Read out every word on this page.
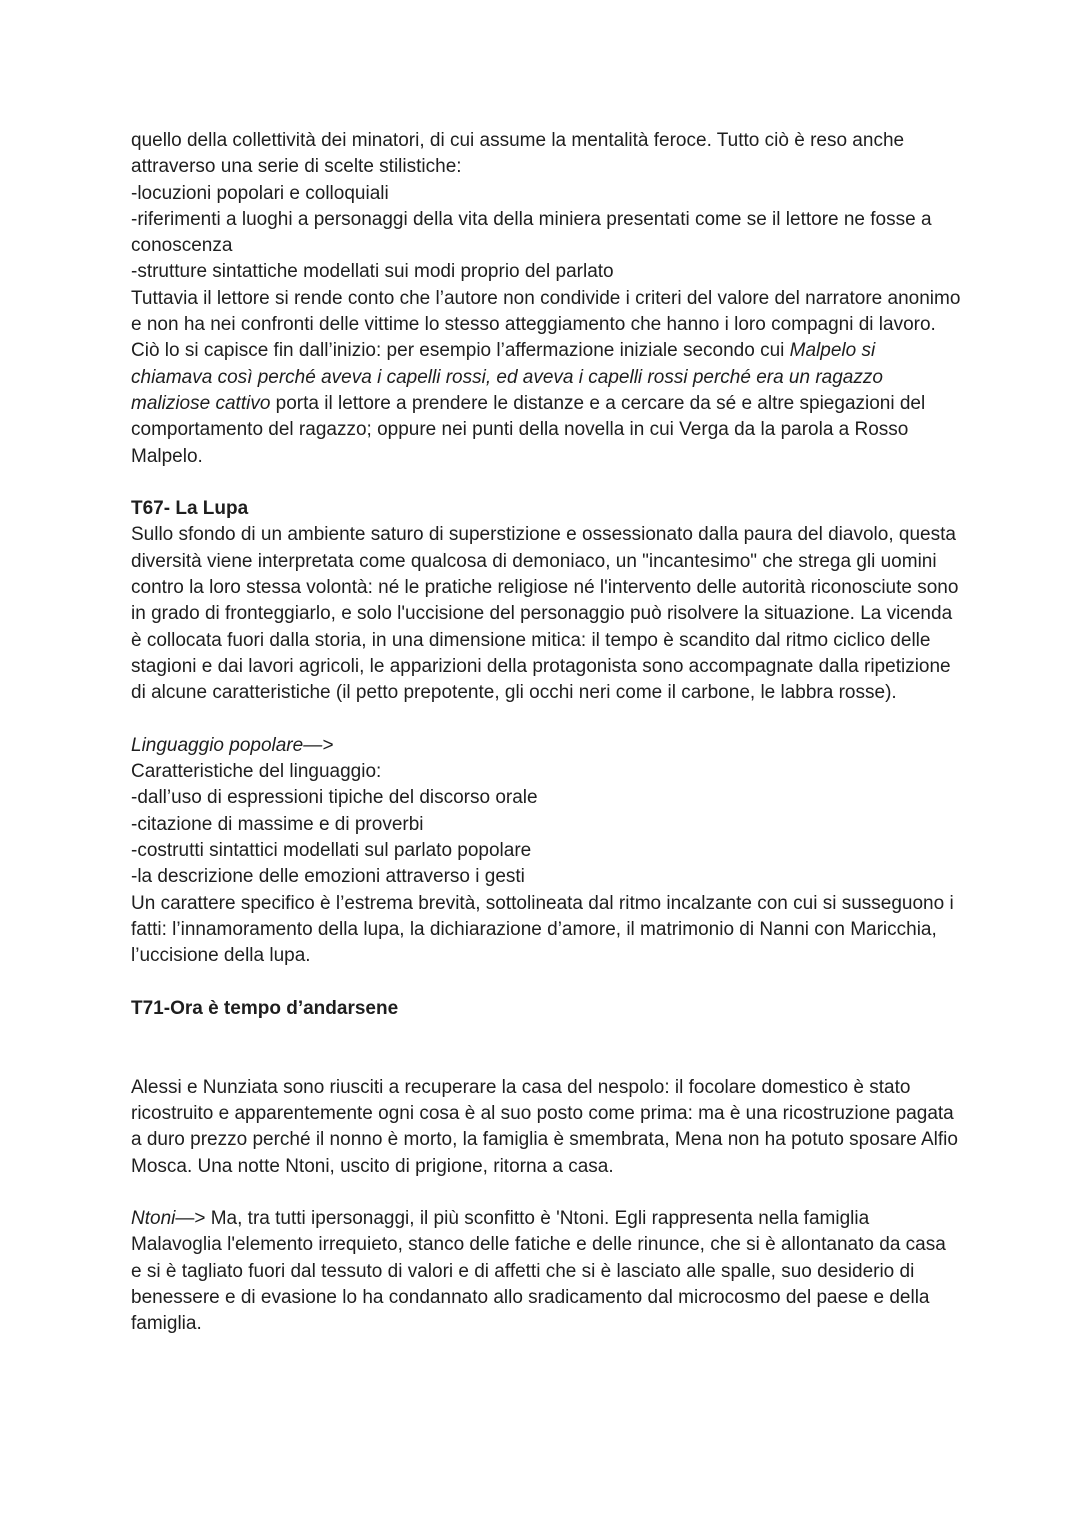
quello della collettività dei minatori, di cui assume la mentalità feroce. Tutto ciò è reso anche attraverso una serie di scelte stilistiche:

-locuzioni popolari e colloquiali
-riferimenti a luoghi a personaggi della vita della miniera presentati come se il lettore ne fosse a conoscenza
-strutture sintattiche modellati sui modi proprio del parlato

Tuttavia il lettore si rende conto che l’autore non condivide i criteri del valore del narratore anonimo e non ha nei confronti delle vittime lo stesso atteggiamento che hanno i loro compagni di lavoro.

Ciò lo si capisce fin dall’inizio: per esempio l’affermazione iniziale secondo cui Malpelo si chiamava così perché aveva i capelli rossi, ed aveva i capelli rossi perché era un ragazzo maliziose cattivo porta il lettore a prendere le distanze e a cercare da sé e altre spiegazioni del comportamento del ragazzo; oppure nei punti della novella in cui Verga da la parola a Rosso Malpelo.

T67- La Lupa

Sullo sfondo di un ambiente saturo di superstizione e ossessionato dalla paura del diavolo, questa diversità viene interpretata come qualcosa di demoniaco, un "incantesimo" che strega gli uomini contro la loro stessa volontà: né le pratiche religiose né l'intervento delle autorità riconosciute sono in grado di fronteggiarlo, e solo l'uccisione del personaggio può risolvere la situazione. La vicenda è collocata fuori dalla storia, in una dimensione mitica: il tempo è scandito dal ritmo ciclico delle stagioni e dai lavori agricoli, le apparizioni della protagonista sono accompagnate dalla ripetizione di alcune caratteristiche (il petto prepotente, gli occhi neri come il carbone, le labbra rosse).

Linguaggio popolare—>

Caratteristiche del linguaggio:
-dall’uso di espressioni tipiche del discorso orale
-citazione di massime e di proverbi
-costrutti sintattici modellati sul parlato popolare
-la descrizione delle emozioni attraverso i gesti

Un carattere specifico è l’estrema brevità, sottolineata dal ritmo incalzante con cui si susseguono i fatti: l’innamoramento della lupa, la dichiarazione d’amore, il matrimonio di Nanni con Maricchia, l’uccisione della lupa.

T71-Ora è tempo d’andarsene

Alessi e Nunziata sono riusciti a recuperare la casa del nespolo: il focolare domestico è stato ricostruito e apparentemente ogni cosa è al suo posto come prima: ma è una ricostruzione pagata a duro prezzo perché il nonno è morto, la famiglia è smembrata, Mena non ha potuto sposare Alfio Mosca. Una notte Ntoni, uscito di prigione, ritorna a casa.

Ntoni—> Ma, tra tutti ipersonaggi, il più sconfitto è 'Ntoni. Egli rappresenta nella famiglia Malavoglia l'elemento irrequieto, stanco delle fatiche e delle rinunce, che si è allontanato da casa e si è tagliato fuori dal tessuto di valori e di affetti che si è lasciato alle spalle, suo desiderio di benessere e di evasione lo ha condannato allo sradicamento dal microcosmo del paese e della famiglia.
